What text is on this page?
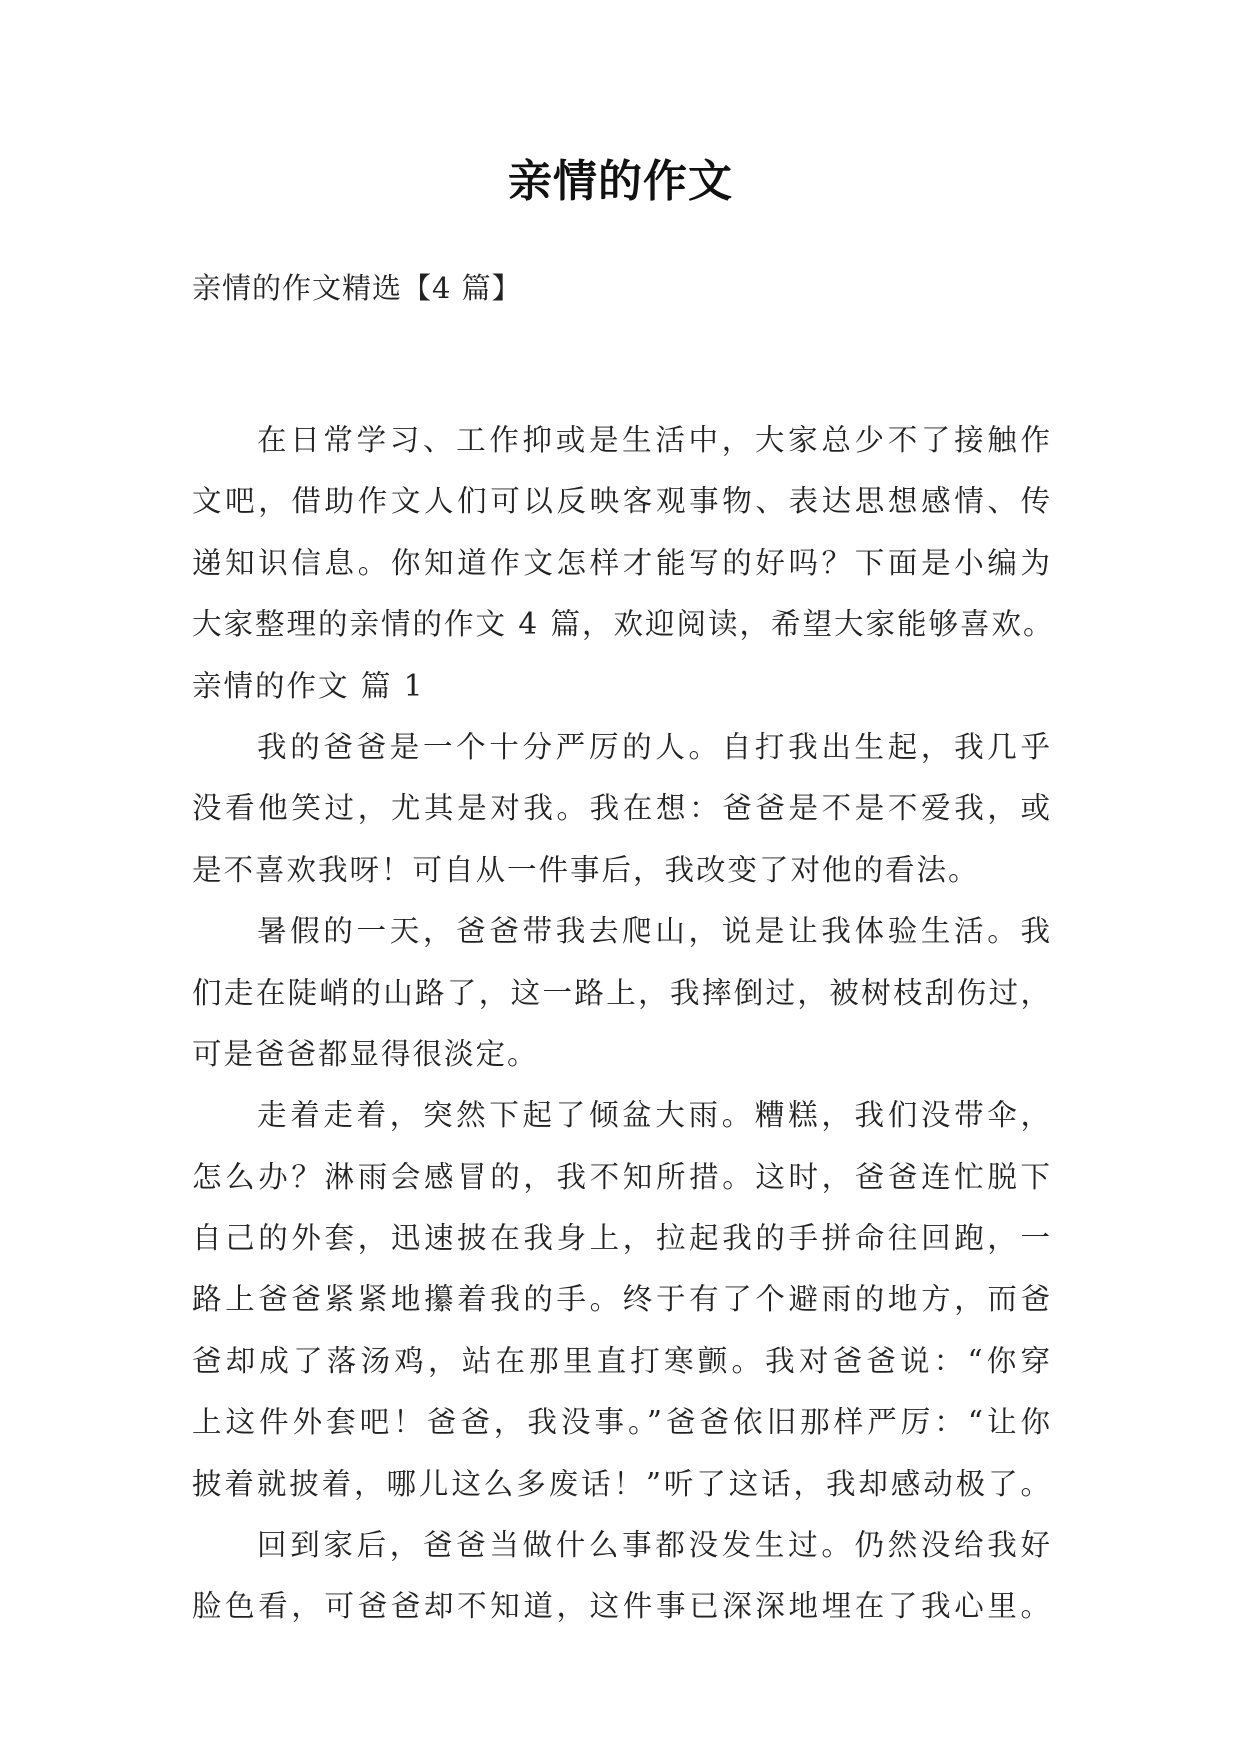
亲情的作文
亲情的作文精选【4 篇】
在日常学习、工作抑或是生活中，大家总少不了接触作
文吧，借助作文人们可以反映客观事物、表达思想感情、传
递知识信息。你知道作文怎样才能写的好吗？下面是小编为
大家整理的亲情的作文 4 篇，欢迎阅读，希望大家能够喜欢。
亲情的作文 篇 1
我的爸爸是一个十分严厉的人。自打我出生起，我几乎
没看他笑过，尤其是对我。我在想：爸爸是不是不爱我，或
是不喜欢我呀！可自从一件事后，我改变了对他的看法。
暑假的一天，爸爸带我去爬山，说是让我体验生活。我
们走在陡峭的山路了，这一路上，我摔倒过，被树枝刮伤过，
可是爸爸都显得很淡定。
走着走着，突然下起了倾盆大雨。糟糕，我们没带伞，
怎么办？淋雨会感冒的，我不知所措。这时，爸爸连忙脱下
自己的外套，迅速披在我身上，拉起我的手拼命往回跑，一
路上爸爸紧紧地攥着我的手。终于有了个避雨的地方，而爸
爸却成了落汤鸡，站在那里直打寒颤。我对爸爸说：“你穿
上这件外套吧！爸爸，我没事。”爸爸依旧那样严厉：“让你
披着就披着，哪儿这么多废话！”听了这话，我却感动极了。
回到家后，爸爸当做什么事都没发生过。仍然没给我好
脸色看，可爸爸却不知道，这件事已深深地埋在了我心里。
